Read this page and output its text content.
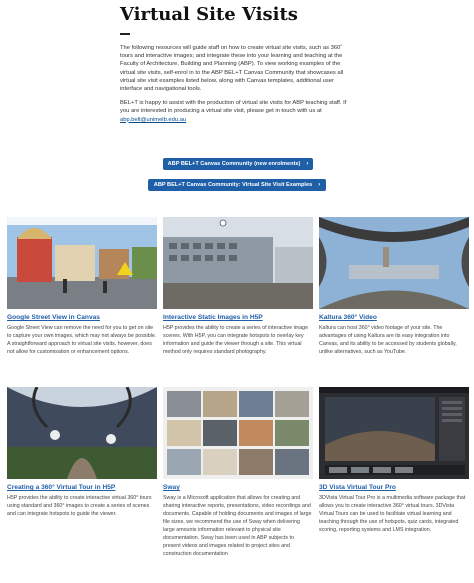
Virtual Site Visits

The following resources will guide staff on how to create virtual site visits, such as 360˚ tours and interactive images; and integrate these into your learning and teaching at the Faculty of Architecture, Building and Planning (ABP). To view working examples of the virtual site visits, self-enrol in to the ABP BEL+T Canvas Community that showcases all virtual site visit examples listed below, along with Canvas templates, additional user interface and navigational tools.

BEL+T is happy to assist with the production of virtual site visits for ABP teaching staff. If you are interested in producing a virtual site visit, please get in touch with us at
abp.belt@unimelb.edu.au

ABP BEL+T Canvas Community (new enrolments) ›
ABP BEL+T Canvas Community: Virtual Site Visit Examples ›
Google Street View in Canvas

Google Street View can remove the need for you to get on site to capture your own images, which may not always be possible. A straightforward approach to virtual site visits, however, does not allow for customisation or enhancement options.

Interactive Static Images in H5P

H5P provides the ability to create a series of interactive image scenes. With H5P, you can integrate hotspots to overlay key information and guide the viewer through a site. This virtual method only requires standard photography.

Kaltura 360° Video

Kaltura can host 360° video footage of your site. The advantages of using Kaltura are its easy integration into Canvas, and its ability to be accessed by students globally, unlike alternatives, such as YouTube.

Creating a 360° Virtual Tour in H5P

H5P provides the ability to create interactive virtual 360° tours using standard and 360° images to create a series of scenes and can integrate hotspots to guide the viewer.

Sway

Sway is a Microsoft application that allows for creating and sharing interactive reports, presentations, video recordings and documents. Capable of holding documents and images of large file sizes, we recommend the use of Sway when delivering large amounts information relevant to physical site documentation. Sway has been used in ABP subjects to present videos and images related to project sites and construction documentation

3D Vista Virtual Tour Pro

3DVista Virtual Tour Pro is a multimedia software package that allows you to create interactive 360° virtual tours. 3DVista Virtual Tours can be used to facilitate virtual learning and teaching through the use of hotspots, quiz cards, integrated scoring, reporting systems and LMS integration.
